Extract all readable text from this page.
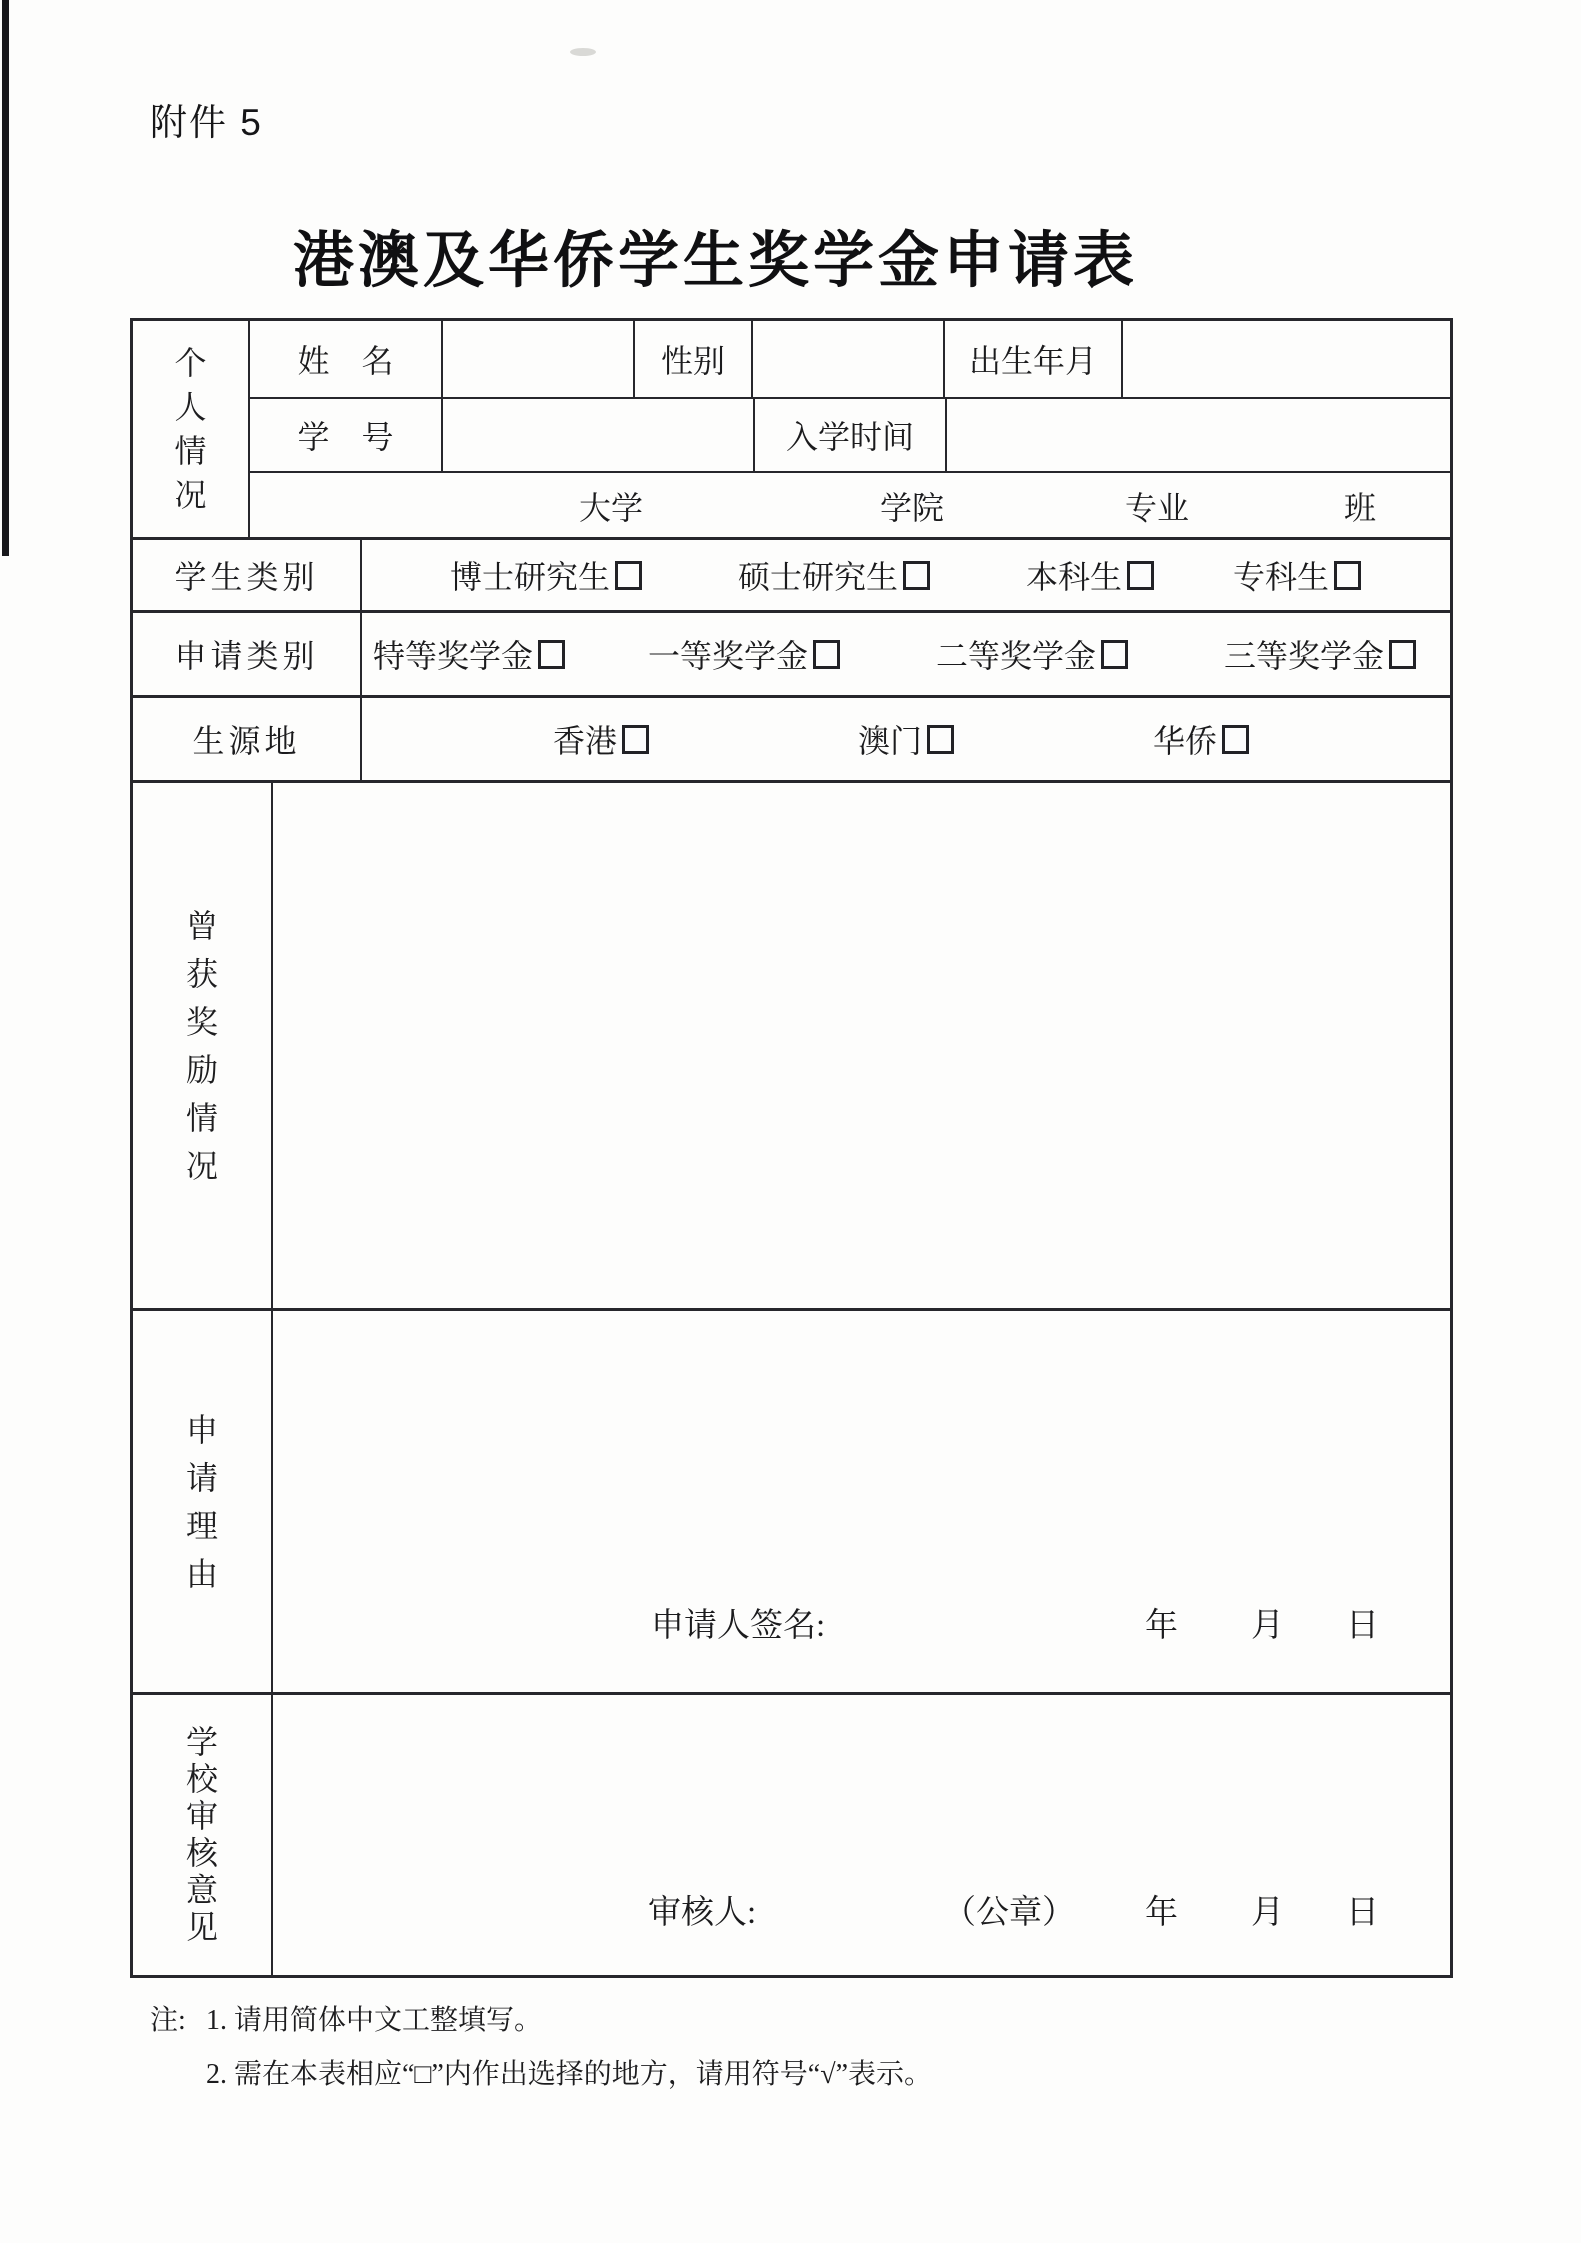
附件 5
港澳及华侨学生奖学金申请表
个人情况
姓　名	性别	出生年月
学　号	入学时间
大学	学院	专业	班
学生类别	博士研究生	硕士研究生	本科生	专科生
申请类别	特等奖学金	一等奖学金	二等奖学金	三等奖学金
生源地	香港	澳门	华侨
曾获奖励情况
申请理由
申请人签名:	年 月 日
学校审核意见	审核人:	（公章） 年 月 日
注: 1. 请用简体中文工整填写。
2. 需在本表相应“□”内作出选择的地方，请用符号“√”表示。
